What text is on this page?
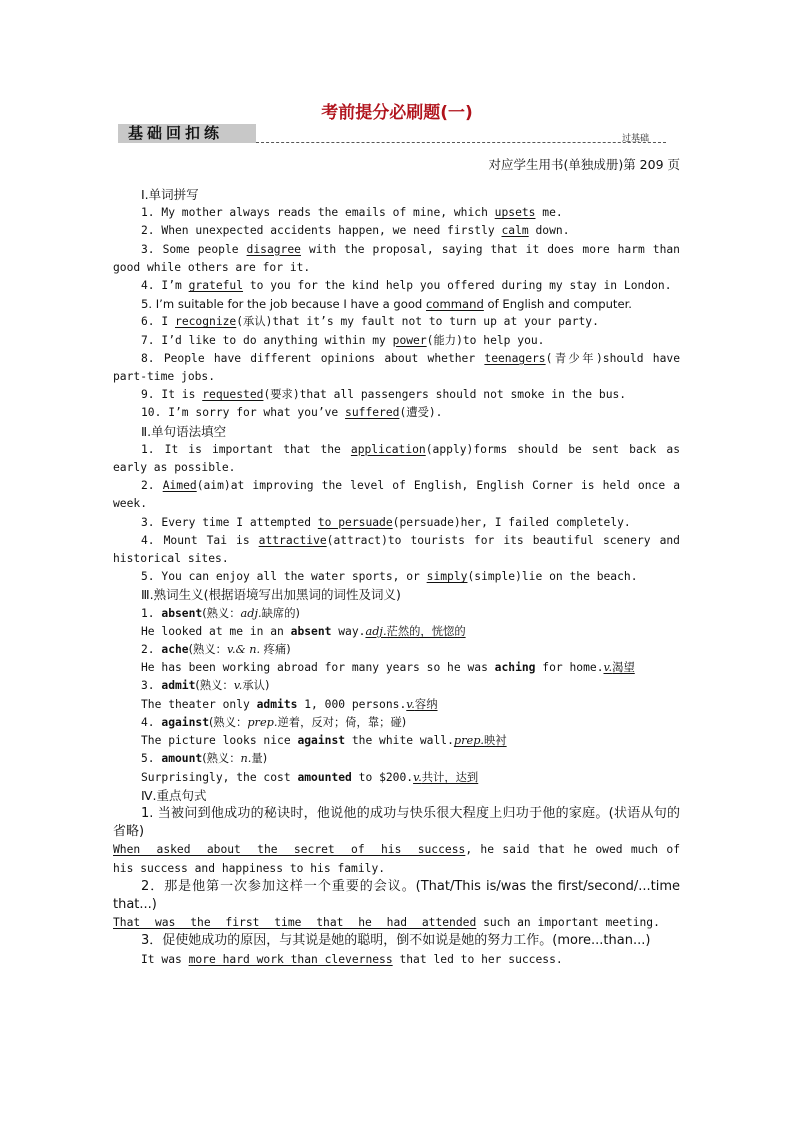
考前提分必刷题(一)
基础回扣练	过基础
对应学生用书(单独成册)第 209 页
Ⅰ.单词拼写
1. My mother always reads the emails of mine, which upsets me.
2. When unexpected accidents happen, we need firstly calm down.
3. Some people disagree with the proposal, saying that it does more harm than good while others are for it.
4. I’m grateful to you for the kind help you offered during my stay in London.
5. I’m suitable for the job because I have a good command of English and computer.
6. I recognize(承认)that it’s my fault not to turn up at your party.
7. I’d like to do anything within my power(能力)to help you.
8. People have different opinions about whether teenagers(青少年)should have part-time jobs.
9. It is requested(要求)that all passengers should not smoke in the bus.
10. I’m sorry for what you’ve suffered(遭受).
Ⅱ.单句语法填空
1. It is important that the application(apply)forms should be sent back as early as possible.
2. Aimed(aim)at improving the level of English, English Corner is held once a week.
3. Every time I attempted to persuade(persuade)her, I failed completely.
4. Mount Tai is attractive(attract)to tourists for its beautiful scenery and historical sites.
5. You can enjoy all the water sports, or simply(simple)lie on the beach.
Ⅲ.熟词生义(根据语境写出加黑词的词性及词义)
1. absent(熟义：adj.缺席的)
He looked at me in an absent way.adj.茫然的，恍惚的
2. ache(熟义：v.& n. 疼痛)
He has been working abroad for many years so he was aching for home.v.渴望
3. admit(熟义：v.承认)
The theater only admits 1, 000 persons.v.容纳
4. against(熟义：prep.逆着，反对；倚，靠；碰)
The picture looks nice against the white wall.prep.映衬
5. amount(熟义：n.量)
Surprisingly, the cost amounted to $200.v.共计，达到
Ⅳ.重点句式
1. 当被问到他成功的秘诀时，他说他的成功与快乐很大程度上归功于他的家庭。(状语从句的省略)
When asked about the secret of his success, he said that he owed much of his success and happiness to his family.
2．那是他第一次参加这样一个重要的会议。(That/This is/was the first/second/...time that...)
That was the first time that he had attended such an important meeting.
3．促使她成功的原因，与其说是她的聪明，倒不如说是她的努力工作。(more...than...)
It was more hard work than cleverness that led to her success.
